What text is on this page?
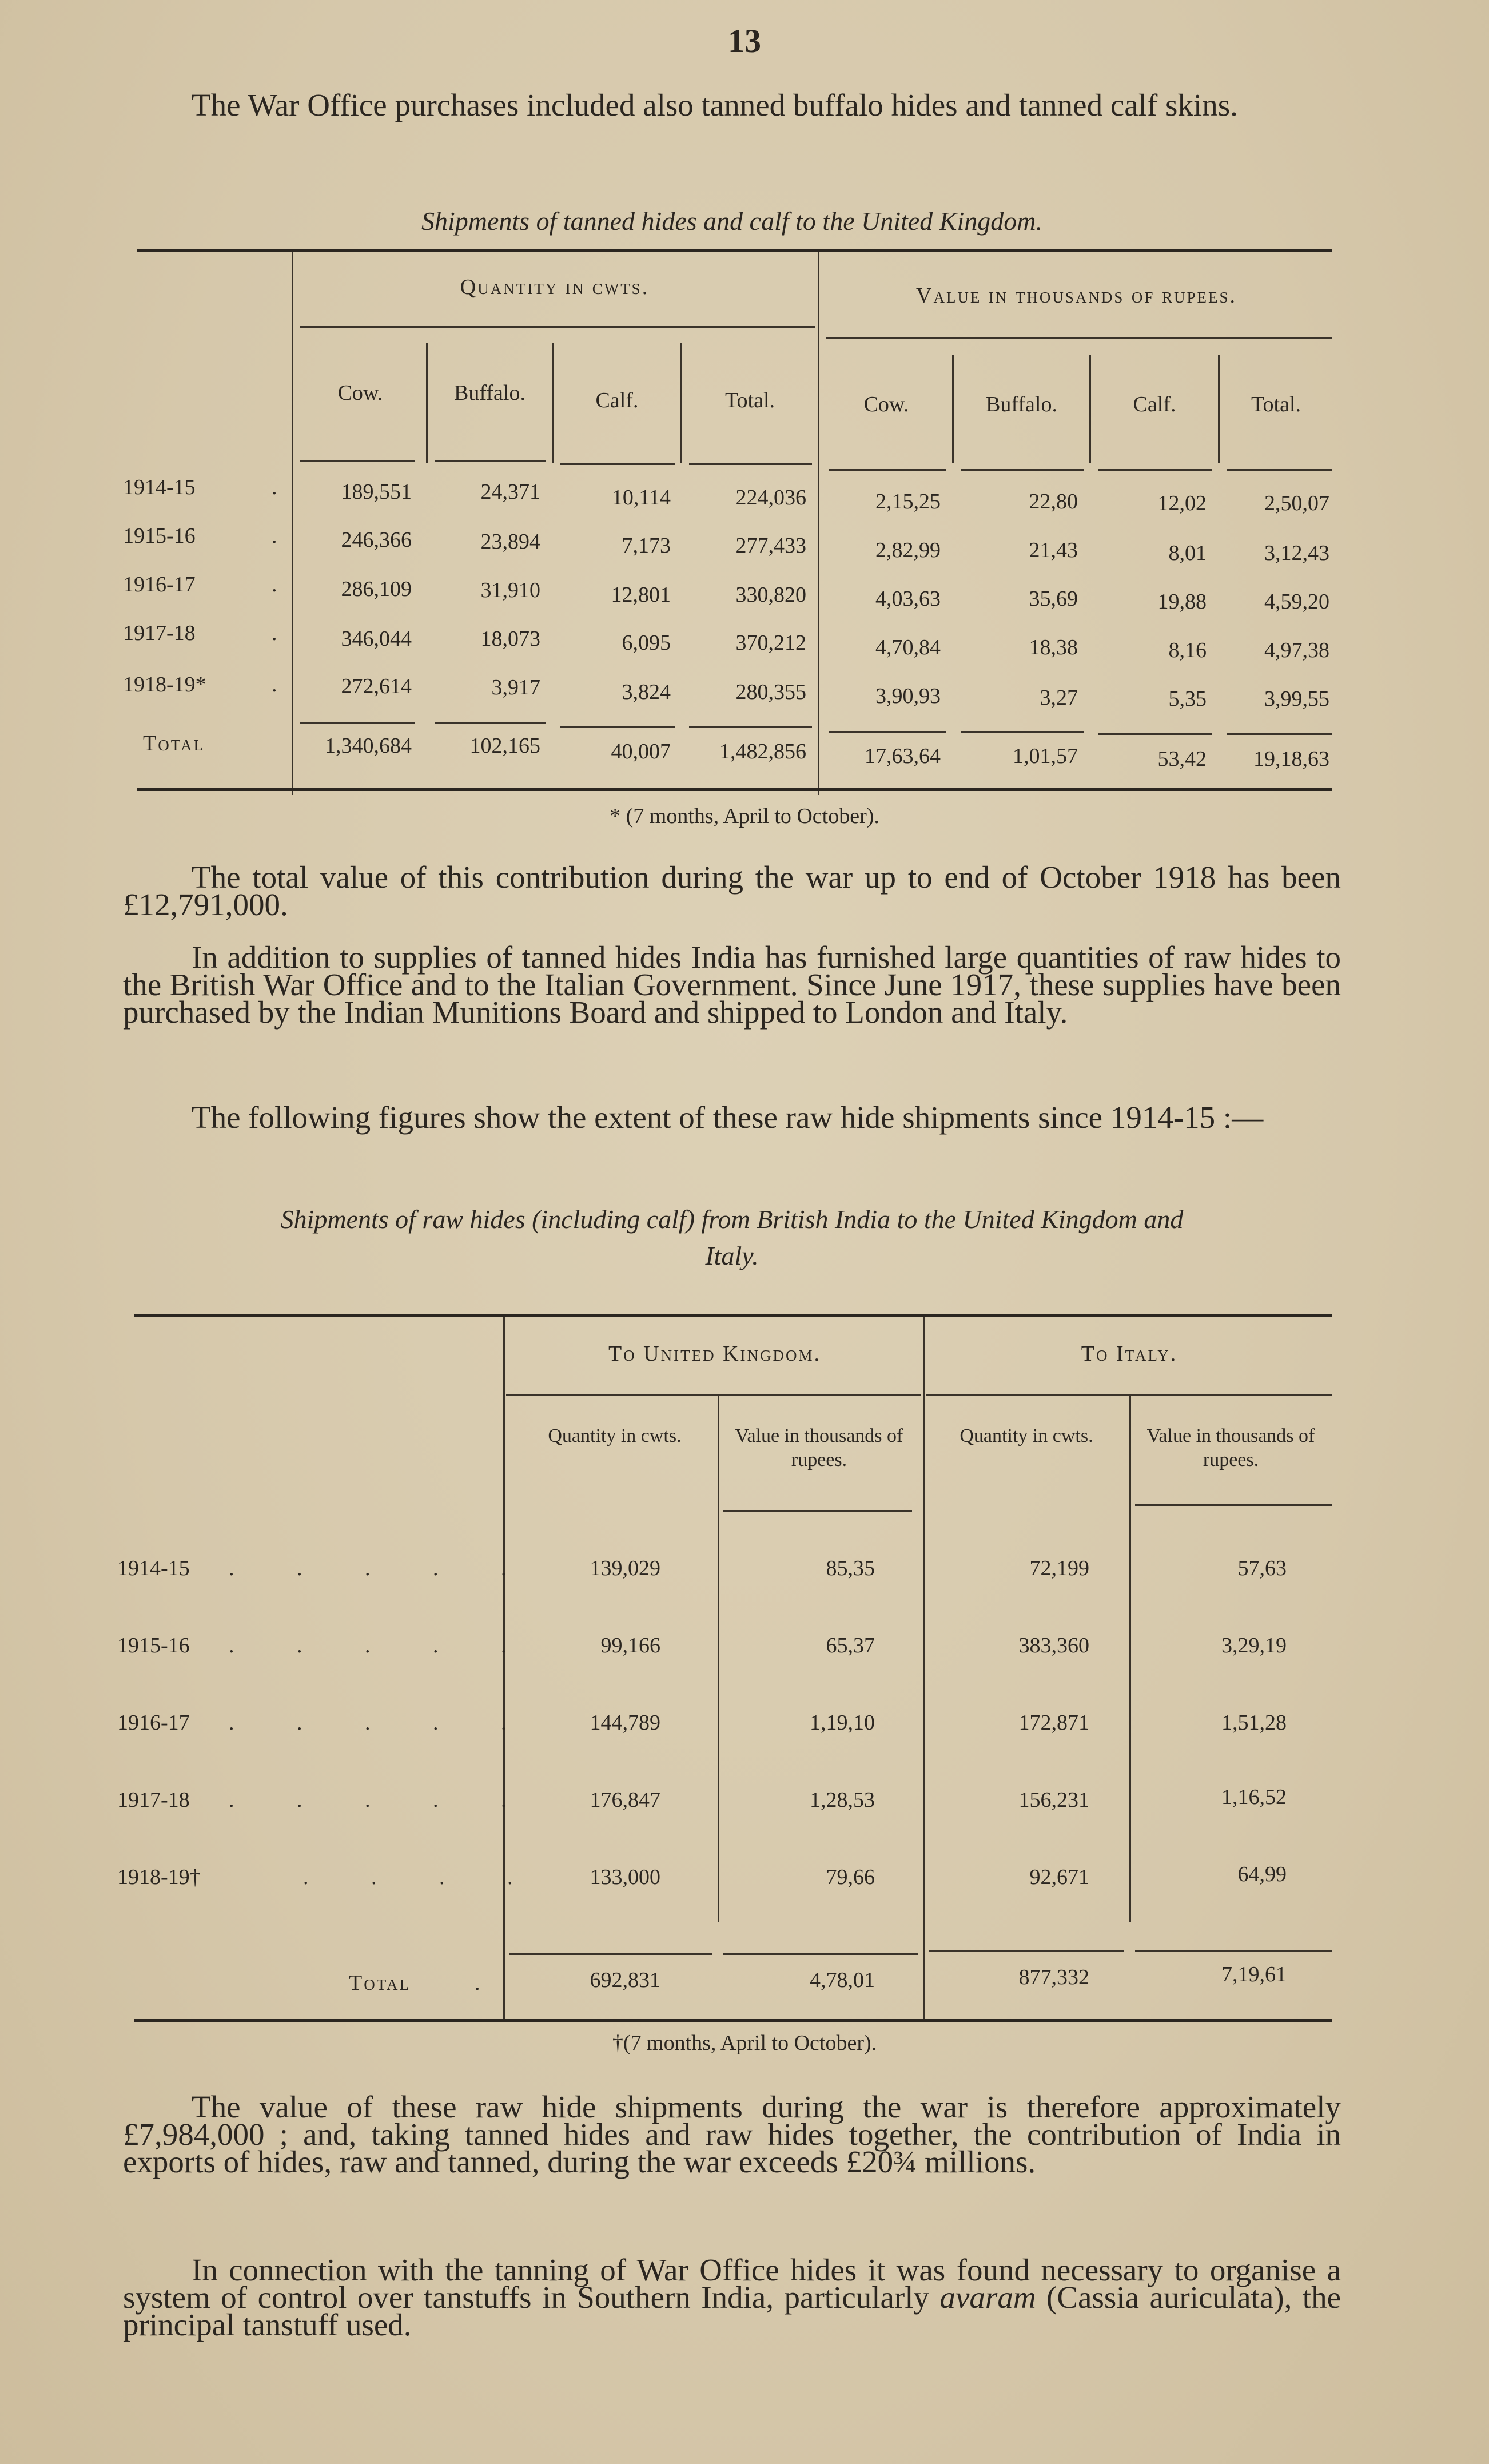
13
The War Office purchases included also tanned buffalo hides and tanned calf skins.
Shipments of tanned hides and calf to the United Kingdom.
Quantity in cwts.	Value in thousands of rupees.
Cow.	Buffalo.	Calf.	Total.	Cow.	Buffalo.	Calf.	Total.
1914-15	.	189,551	24,371	10,114	224,036	2,15,25	22,80	12,02	2,50,07
1915-16	.	246,366	23,894	7,173	277,433	2,82,99	21,43	8,01	3,12,43
1916-17	.	286,109	31,910	12,801	330,820	4,03,63	35,69	19,88	4,59,20
1917-18	.	346,044	18,073	6,095	370,212	4,70,84	18,38	8,16	4,97,38
1918-19*	.	272,614	3,917	3,824	280,355	3,90,93	3,27	5,35	3,99,55
Total	1,340,684	102,165	40,007	1,482,856	17,63,64	1,01,57	53,42	19,18,63
* (7 months, April to October).
The total value of this contribution during the war up to end of October 1918 has been £12,791,000.
In addition to supplies of tanned hides India has furnished large quantities of raw hides to the British War Office and to the Italian Government. Since June 1917, these supplies have been purchased by the Indian Munitions Board and shipped to London and Italy.
The following figures show the extent of these raw hide shipments since 1914-15 :—
Shipments of raw hides (including calf) from British India to the United Kingdom and
Italy.
To United Kingdom.	To Italy.
Quantity in cwts.	Value in thousands of rupees.
Quantity in cwts.	Value in thousands of rupees.
1914-15 . . . . .	139,029	85,35	72,199	57,63
1915-16 . . . . .	99,166	65,37	383,360	3,29,19
1916-17 . . . . .	144,789	1,19,10	172,871	1,51,28
1917-18 . . . . .	176,847	1,28,53	156,231	1,16,52
1918-19†	. . . .	133,000	79,66	92,671	64,99
Total	.	692,831	4,78,01	877,332	7,19,61
†(7 months, April to October).
The value of these raw hide shipments during the war is therefore approximately £7,984,000 ; and, taking tanned hides and raw hides together, the contribution of India in exports of hides, raw and tanned, during the war exceeds £20¾ millions.
In connection with the tanning of War Office hides it was found necessary to organise a system of control over tanstuffs in Southern India, particularly avaram (Cassia auriculata), the principal tanstuff used.
